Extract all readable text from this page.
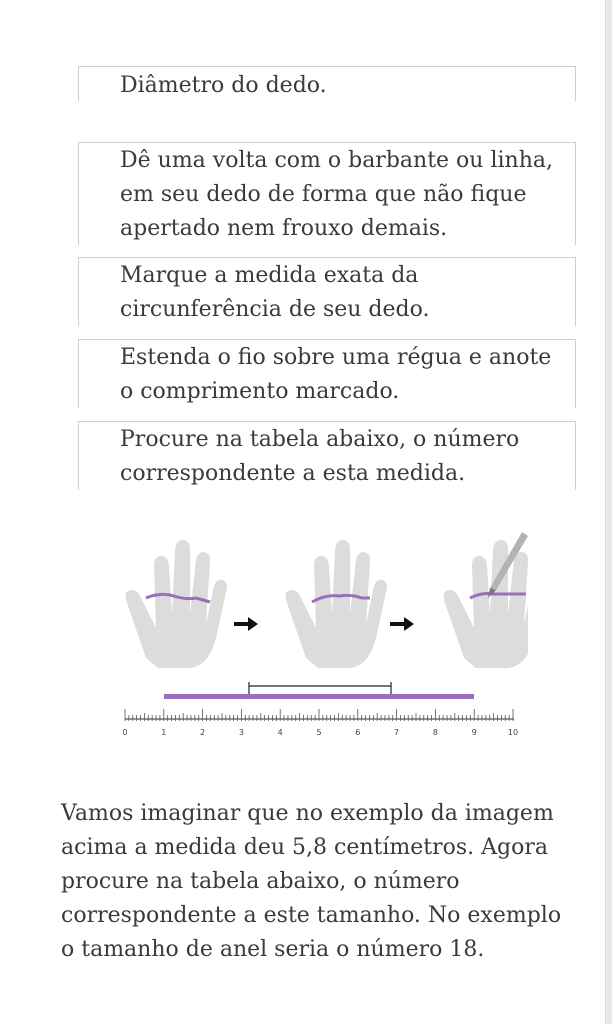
Diâmetro do dedo.

Dê uma volta com o barbante ou linha, em seu dedo de forma que não fique apertado nem frouxo demais.

Marque a medida exata da circunferência de seu dedo.

Estenda o fio sobre uma régua e anote o comprimento marcado.

Procure na tabela abaixo, o número correspondente a esta medida.

0	1	2	3	4	5	6	7	8	9	10

Vamos imaginar que no exemplo da imagem acima a medida deu 5,8 centímetros. Agora procure na tabela abaixo, o número correspondente a este tamanho. No exemplo o tamanho de anel seria o número 18.
